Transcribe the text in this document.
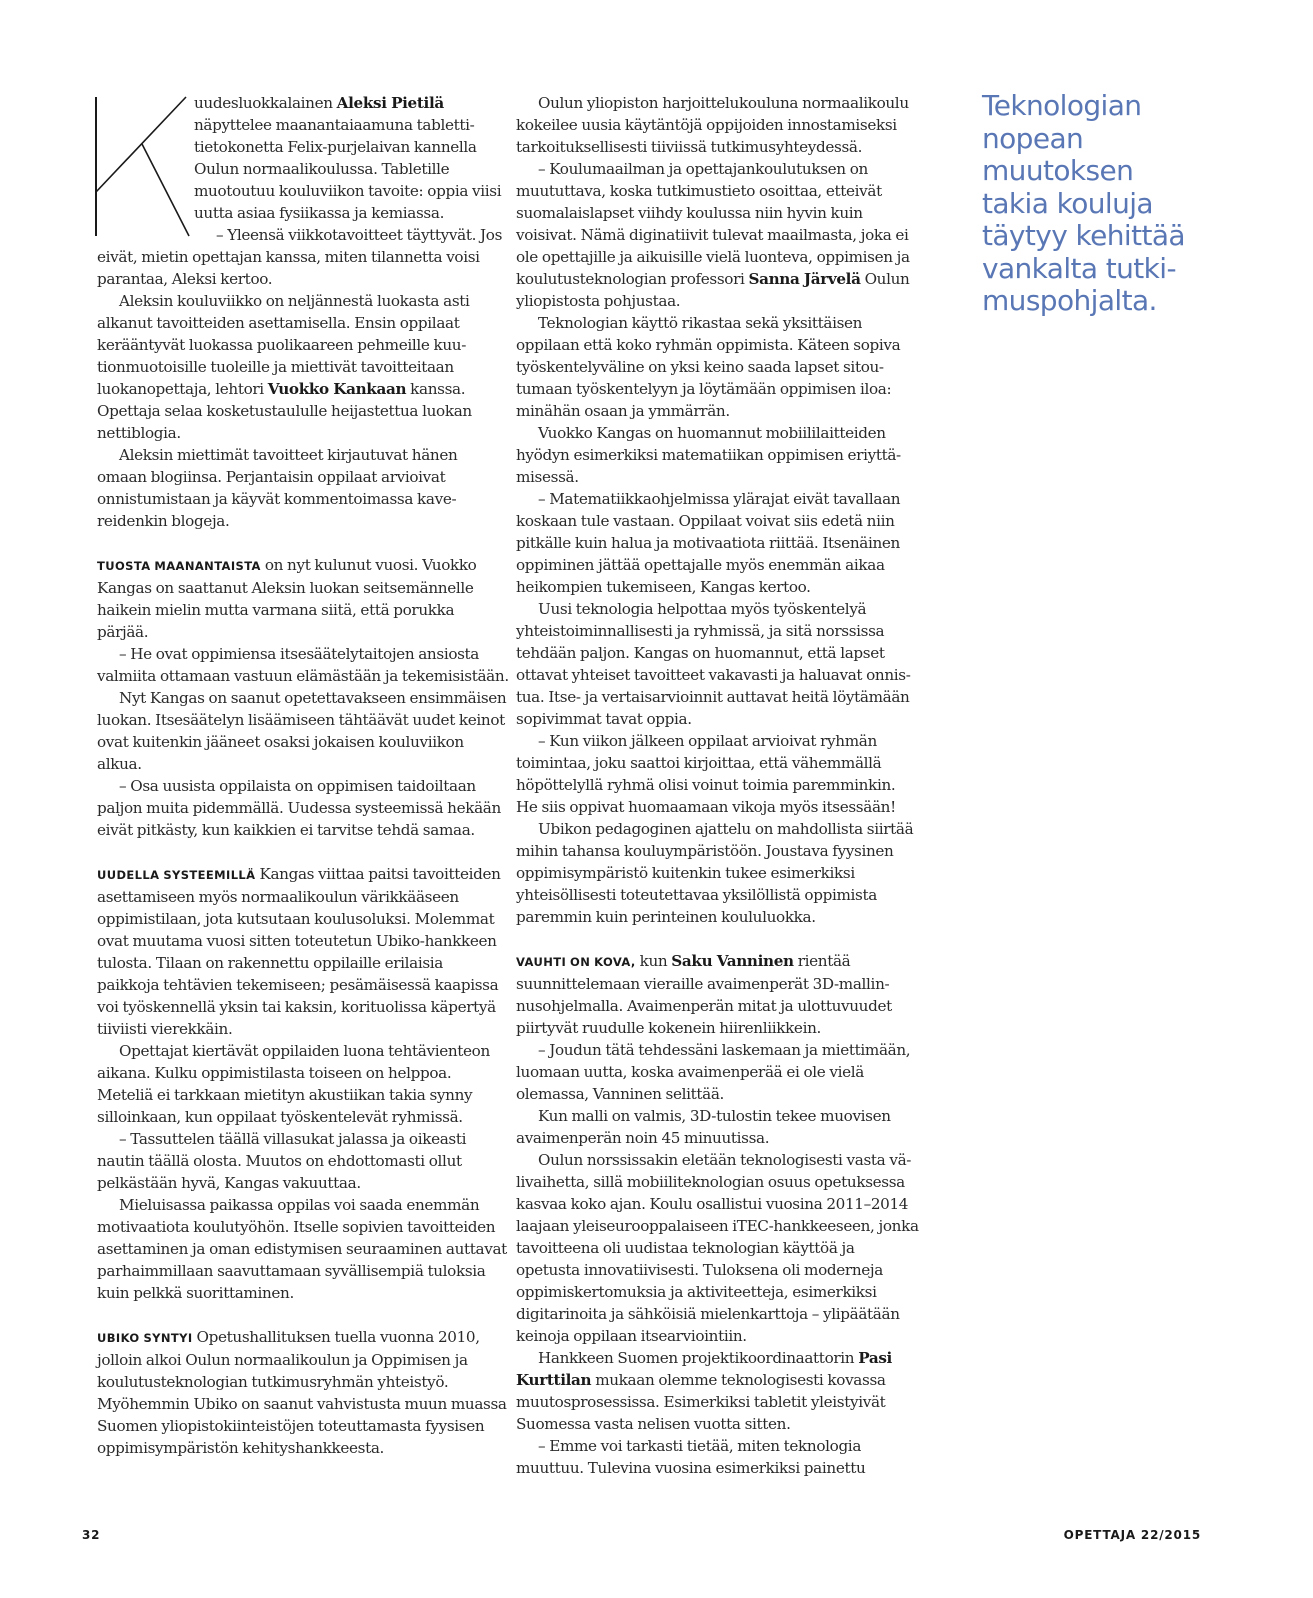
uudesluokkalainen Aleksi Pietilä näpyttelee maanantaiaamuna tablettitietokonetta Felix-purjelaivan kannella Oulun normaalikoulussa. Tabletille muotoutuu kouluviikon tavoite: oppia viisi uutta asiaa fysiikassa ja kemiassa.

– Yleensä viikkotavoitteet täyttyvät. Jos eivät, mietin opettajan kanssa, miten tilannetta voisi parantaa, Aleksi kertoo.

Aleksin kouluviikko on neljännestä luokasta asti alkanut tavoitteiden asettamisella. Ensin oppilaat kerääntyvät luokassa puolikaareen pehmeille kuutionmuotoisille tuoleille ja miettivät tavoitteitaan luokanopettaja, lehtori Vuokko Kankaan kanssa. Opettaja selaa kosketustaululle heijastettua luokan nettiblogia.

Aleksin miettimät tavoitteet kirjautuvat hänen omaan blogiinsa. Perjantaisin oppilaat arvioivat onnistumistaan ja käyvät kommentoimassa kavereidenkin blogeja.

TUOSTA MAANANTAISTA on nyt kulunut vuosi. Vuokko Kangas on saattanut Aleksin luokan seitsemännelle haikein mielin mutta varmana siitä, että porukka pärjää.

– He ovat oppimiensa itsesäätelytaitojen ansiosta valmiita ottamaan vastuun elämästään ja tekemisistään.

Nyt Kangas on saanut opetettavakseen ensimmäisen luokan. Itsesäätelyn lisäämiseen tähtäävät uudet keinot ovat kuitenkin jääneet osaksi jokaisen kouluviikon alkua.

– Osa uusista oppilaista on oppimisen taidoiltaan paljon muita pidemmällä. Uudessa systeemissä hekään eivät pitkästy, kun kaikkien ei tarvitse tehdä samaa.

UUDELLA SYSTEEMILLÄ Kangas viittaa paitsi tavoitteiden asettamiseen myös normaalikoulun värikkääseen oppimistilaan, jota kutsutaan koulusoluksi. Molemmat ovat muutama vuosi sitten toteutetun Ubiko-hankkeen tulosta. Tilaan on rakennettu oppilaille erilaisia paikkoja tehtävien tekemiseen; pesämäisessä kaapissa voi työskennellä yksin tai kaksin, korituolissa käpertyä tiiviisti vierekkäin.

Opettajat kiertävät oppilaiden luona tehtävienteon aikana. Kulku oppimistilasta toiseen on helppoa. Meteliä ei tarkkaan mietityn akustiikan takia synny silloinkaan, kun oppilaat työskentelevät ryhmissä.

– Tassuttelen täällä villasukat jalassa ja oikeasti nautin täällä olosta. Muutos on ehdottomasti ollut pelkästään hyvä, Kangas vakuuttaa.

Mieluisassa paikassa oppilas voi saada enemmän motivaatiota koulutyöhön. Itselle sopivien tavoitteiden asettaminen ja oman edistymisen seuraaminen auttavat parhaimmillaan saavuttamaan syvällisempiä tuloksia kuin pelkkä suorittaminen.

UBIKO SYNTYI Opetushallituksen tuella vuonna 2010, jolloin alkoi Oulun normaalikoulun ja Oppimisen ja koulutusteknologian tutkimusryhmän yhteistyö. Myöhemmin Ubiko on saanut vahvistusta muun muassa Suomen yliopistokiinteistöjen toteuttamasta fyysisen oppimisympäristön kehityshankkeesta.

Oulun yliopiston harjoittelukouluna normaalikoulu kokeilee uusia käytäntöjä oppijoiden innostamiseksi tarkoituksellisesti tiiviissä tutkimusyhteydessä.

– Koulumaailman ja opettajankoulutuksen on muututtava, koska tutkimustieto osoittaa, etteivät suomalaislapset viihdy koulussa niin hyvin kuin voisivat. Nämä diginatiivit tulevat maailmasta, joka ei ole opettajille ja aikuisille vielä luonteva, oppimisen ja koulutusteknologian professori Sanna Järvelä Oulun yliopistosta pohjustaa.

Teknologian käyttö rikastaa sekä yksittäisen oppilaan että koko ryhmän oppimista. Käteen sopiva työskentelyväline on yksi keino saada lapset sitoutumaan työskentelyyn ja löytämään oppimisen iloa: minähän osaan ja ymmärrän.

Vuokko Kangas on huomannut mobiililaitteiden hyödyn esimerkiksi matematiikan oppimisen eriyttämisessä.

– Matematiikkaohjelmissa ylärajat eivät tavallaan koskaan tule vastaan. Oppilaat voivat siis edetä niin pitkälle kuin halua ja motivaatiota riittää. Itsenäinen oppiminen jättää opettajalle myös enemmän aikaa heikompien tukemiseen, Kangas kertoo.

Uusi teknologia helpottaa myös työskentelyä yhteistoiminnallisesti ja ryhmissä, ja sitä norssissa tehdään paljon. Kangas on huomannut, että lapset ottavat yhteiset tavoitteet vakavasti ja haluavat onnistua. Itse- ja vertaisarvioinnit auttavat heitä löytämään sopivimmat tavat oppia.

– Kun viikon jälkeen oppilaat arvioivat ryhmän toimintaa, joku saattoi kirjoittaa, että vähemmällä höpöttelyllä ryhmä olisi voinut toimia paremminkin. He siis oppivat huomaamaan vikoja myös itsessään!

Ubikon pedagoginen ajattelu on mahdollista siirtää mihin tahansa kouluympäristöön. Joustava fyysinen oppimisympäristö kuitenkin tukee esimerkiksi yhteisöllisesti toteutettavaa yksilöllistä oppimista paremmin kuin perinteinen koululuokka.

VAUHTI ON KOVA, kun Saku Vanninen rientää suunnittelemaan vieraille avaimenperät 3D-mallinnusohjelmalla. Avaimenperän mitat ja ulottuvuudet piirtyvät ruudulle kokenein hiirenliikkein.

– Joudun tätä tehdessäni laskemaan ja miettimään, luomaan uutta, koska avaimenperää ei ole vielä olemassa, Vanninen selittää.

Kun malli on valmis, 3D-tulostin tekee muovisen avaimenperän noin 45 minuutissa.

Oulun norssissakin eletään teknologisesti vasta välivaihetta, sillä mobiiliteknologian osuus opetuksessa kasvaa koko ajan. Koulu osallistui vuosina 2011–2014 laajaan yleiseurooppalaiseen iTEC-hankkeeseen, jonka tavoitteena oli uudistaa teknologian käyttöä ja opetusta innovatiivisesti. Tuloksena oli moderneja oppimiskertomuksia ja aktiviteetteja, esimerkiksi digitarinoita ja sähköisiä mielenkarttoja – ylipäätään keinoja oppilaan itsearviointiin.

Hankkeen Suomen projektikoordinaattorin Pasi Kurttilan mukaan olemme teknologisesti kovassa muutosprosessissa. Esimerkiksi tabletit yleistyivät Suomessa vasta nelisen vuotta sitten.

– Emme voi tarkasti tietää, miten teknologia muuttuu. Tulevina vuosina esimerkiksi painettu

Teknologian
nopean
muutoksen
takia kouluja
täytyy kehittää
vankalta tutki-
muspohjalta.
32	OPETTAJA 22/2015
